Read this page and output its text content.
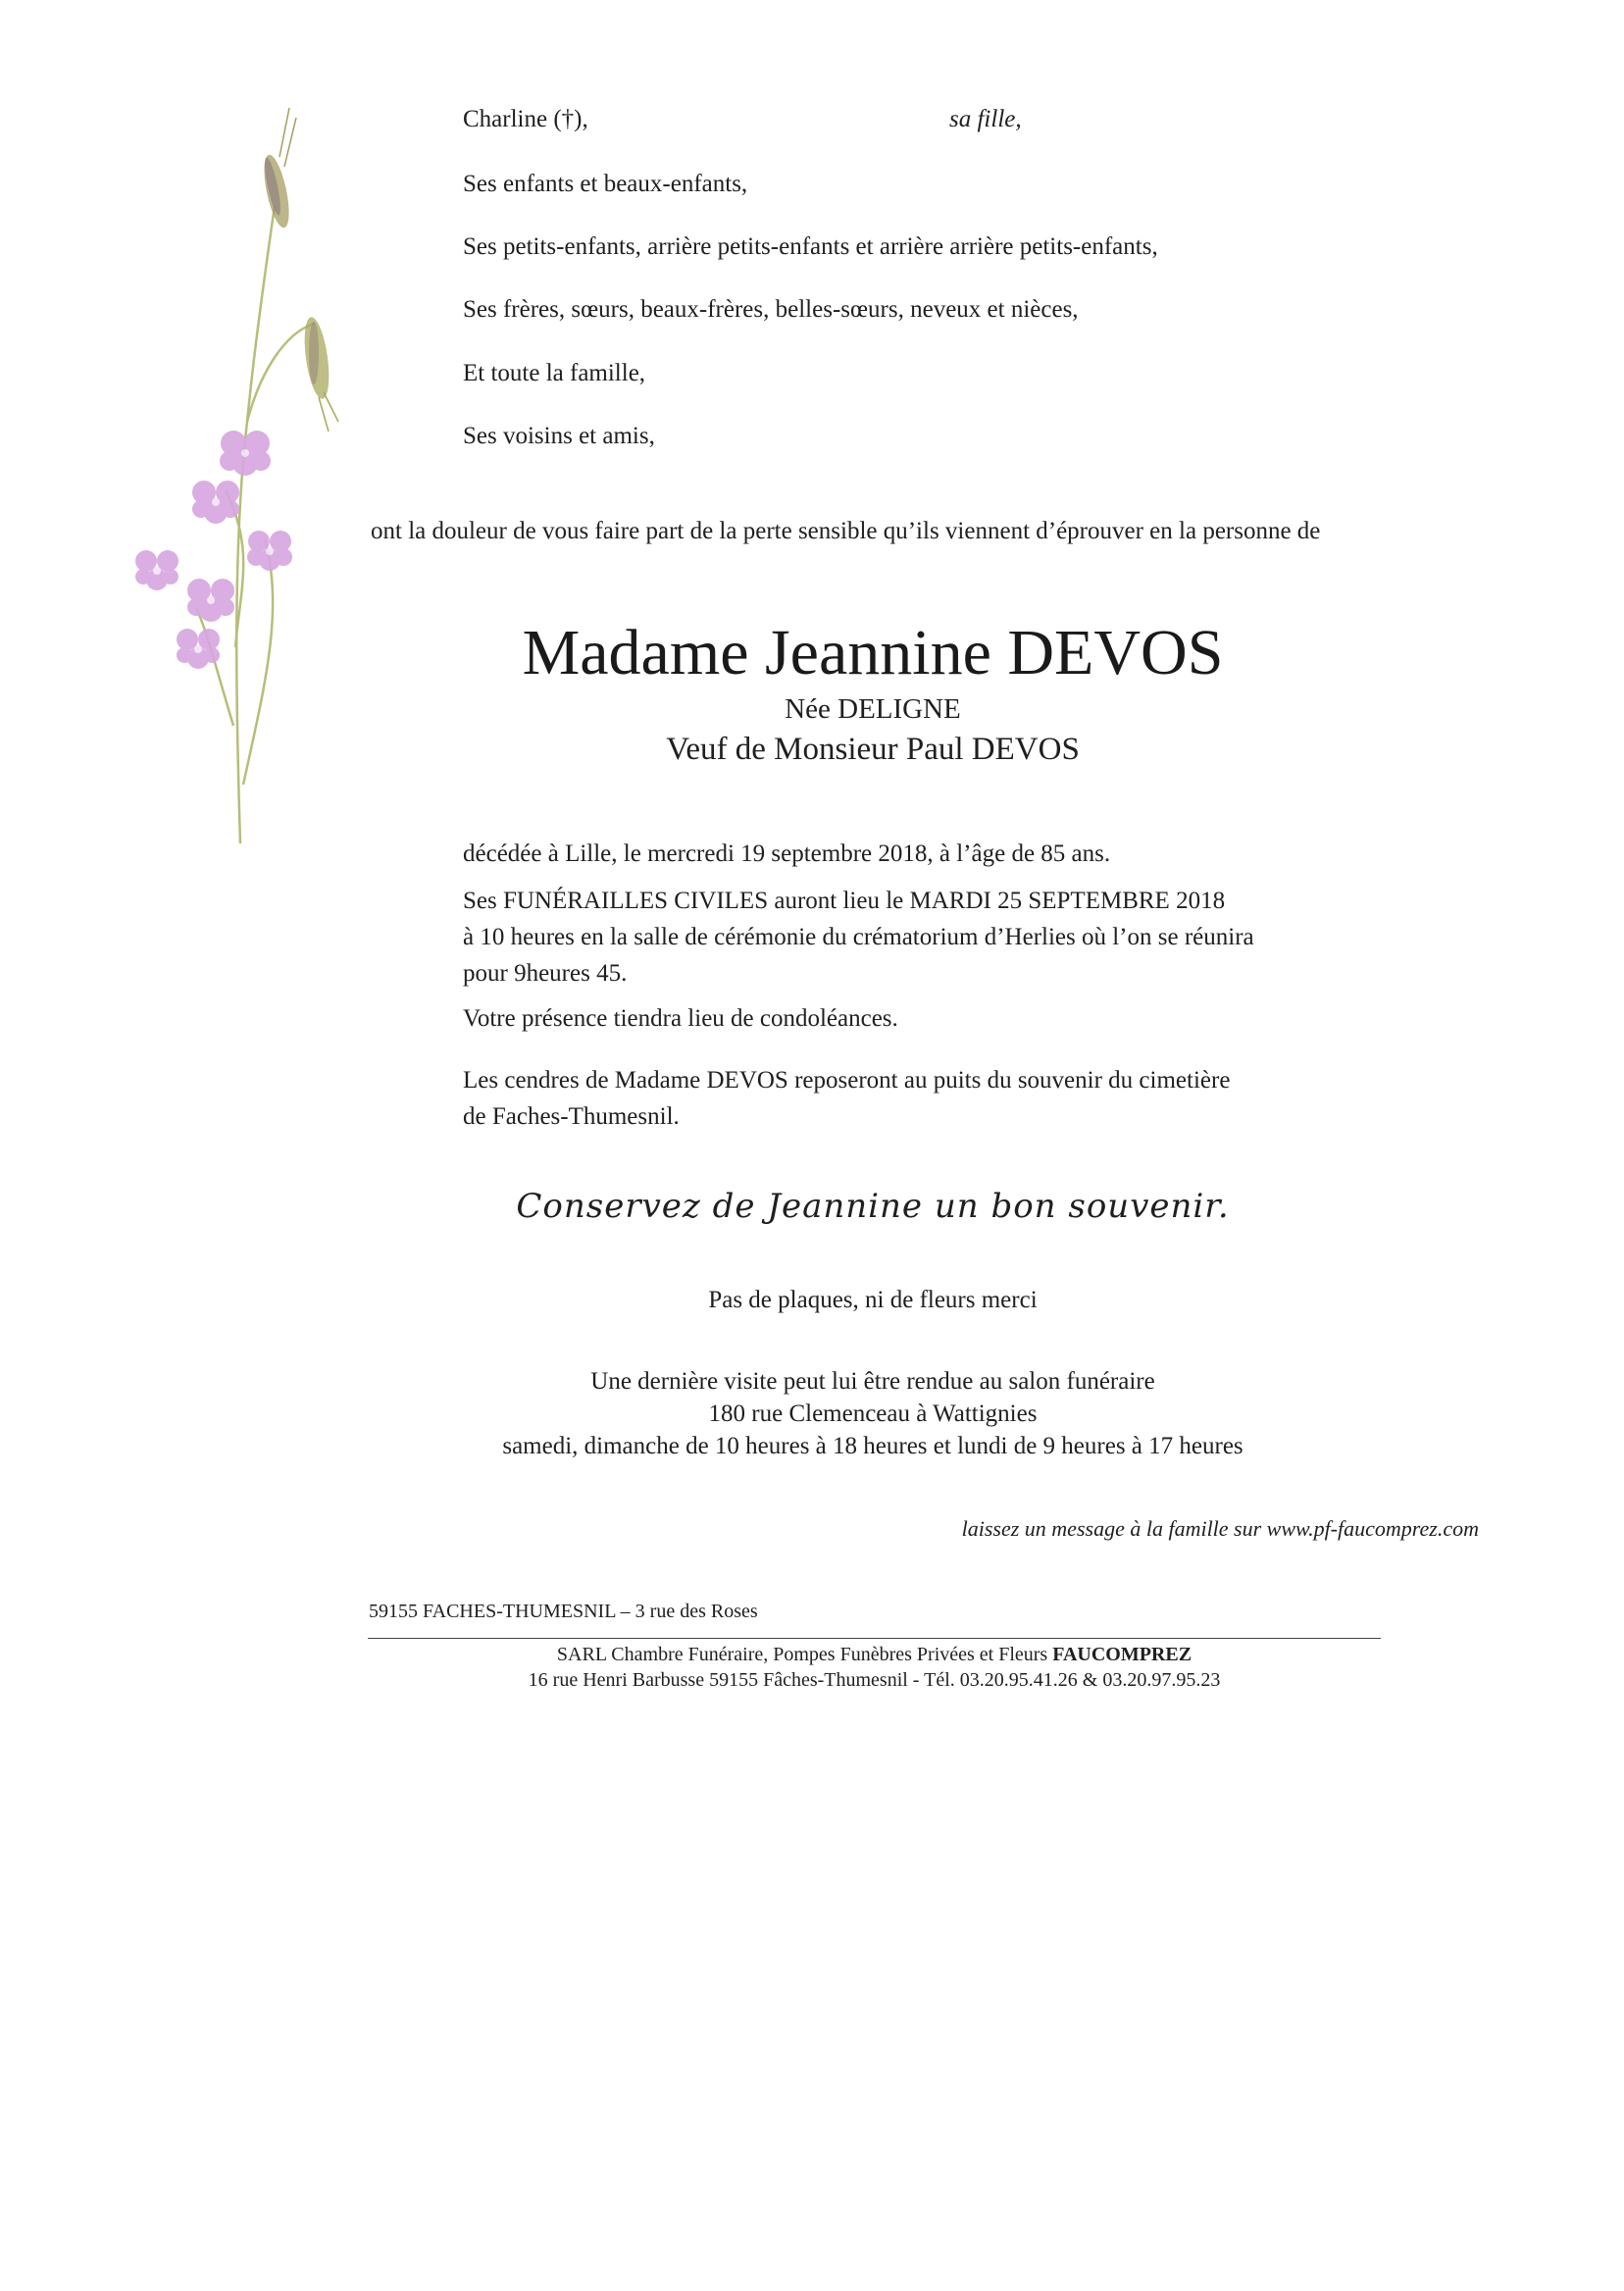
Charline (†),	sa fille,
Ses enfants et beaux-enfants,
Ses petits-enfants, arrière petits-enfants et arrière arrière petits-enfants,
Ses frères, sœurs, beaux-frères, belles-sœurs, neveux et nièces,
Et toute la famille,
Ses voisins et amis,
ont la douleur de vous faire part de la perte sensible qu’ils viennent d’éprouver en la personne de
Madame Jeannine DEVOS
Née DELIGNE
Veuf de Monsieur Paul DEVOS
décédée à Lille, le mercredi 19 septembre 2018, à l’âge de 85 ans.
Ses FUNÉRAILLES CIVILES auront lieu le MARDI 25 SEPTEMBRE 2018
à 10 heures en la salle de cérémonie du crématorium d’Herlies où l’on se réunira
pour 9heures 45.
Votre présence tiendra lieu de condoléances.
Les cendres de Madame DEVOS reposeront au puits du souvenir du cimetière
de Faches-Thumesnil.
Conservez de Jeannine un bon souvenir.
Pas de plaques, ni de fleurs merci
Une dernière visite peut lui être rendue au salon funéraire
180 rue Clemenceau à Wattignies
samedi, dimanche de 10 heures à 18 heures et lundi de 9 heures à 17 heures
laissez un message à la famille sur www.pf-faucomprez.com
59155 FACHES-THUMESNIL – 3 rue des Roses
SARL Chambre Funéraire, Pompes Funèbres Privées et Fleurs FAUCOMPREZ
16 rue Henri Barbusse 59155 Fâches-Thumesnil - Tél. 03.20.95.41.26 & 03.20.97.95.23
